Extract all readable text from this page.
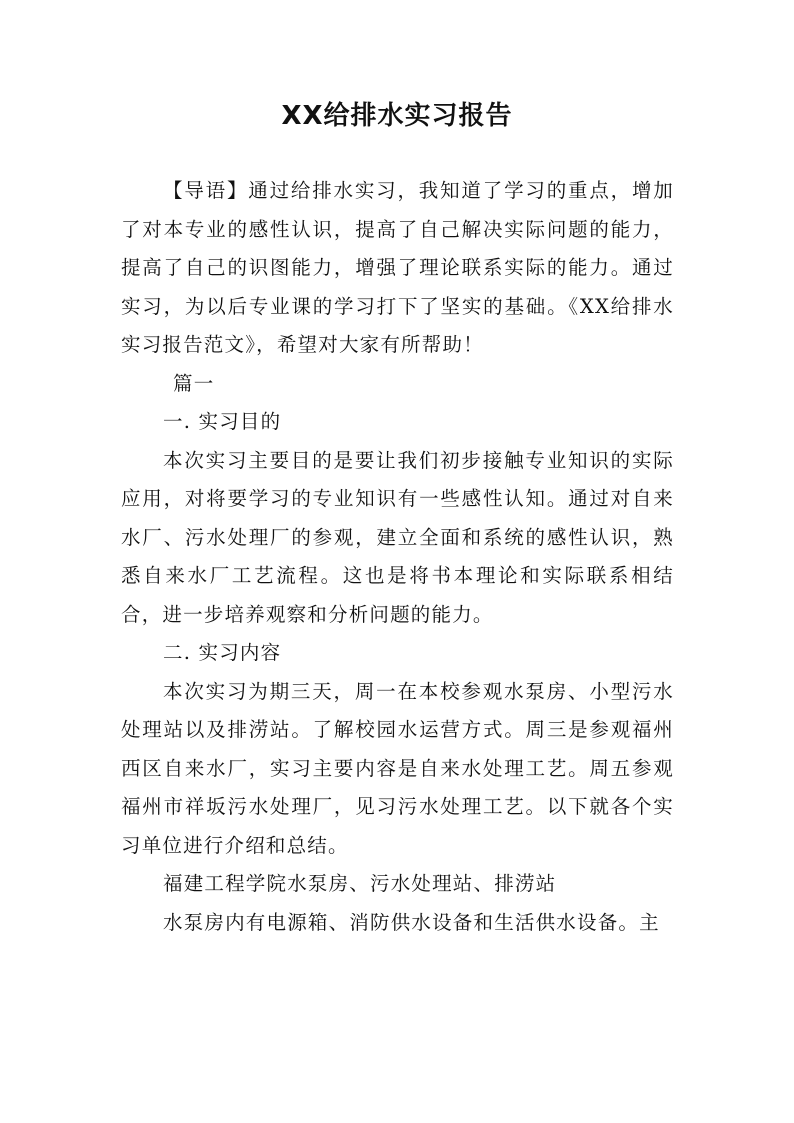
XX给排水实习报告

【导语】通过给排水实习，我知道了学习的重点，增加了对本专业的感性认识，提高了自己解决实际问题的能力，提高了自己的识图能力，增强了理论联系实际的能力。通过实习，为以后专业课的学习打下了坚实的基础。《XX给排水实习报告范文》，希望对大家有所帮助！

篇一

一. 实习目的

本次实习主要目的是要让我们初步接触专业知识的实际应用，对将要学习的专业知识有一些感性认知。通过对自来水厂、污水处理厂的参观，建立全面和系统的感性认识，熟悉自来水厂工艺流程。这也是将书本理论和实际联系相结合，进一步培养观察和分析问题的能力。

二. 实习内容

本次实习为期三天，周一在本校参观水泵房、小型污水处理站以及排涝站。了解校园水运营方式。周三是参观福州西区自来水厂，实习主要内容是自来水处理工艺。周五参观福州市祥坂污水处理厂，见习污水处理工艺。以下就各个实习单位进行介绍和总结。

福建工程学院水泵房、污水处理站、排涝站

水泵房内有电源箱、消防供水设备和生活供水设备。主
